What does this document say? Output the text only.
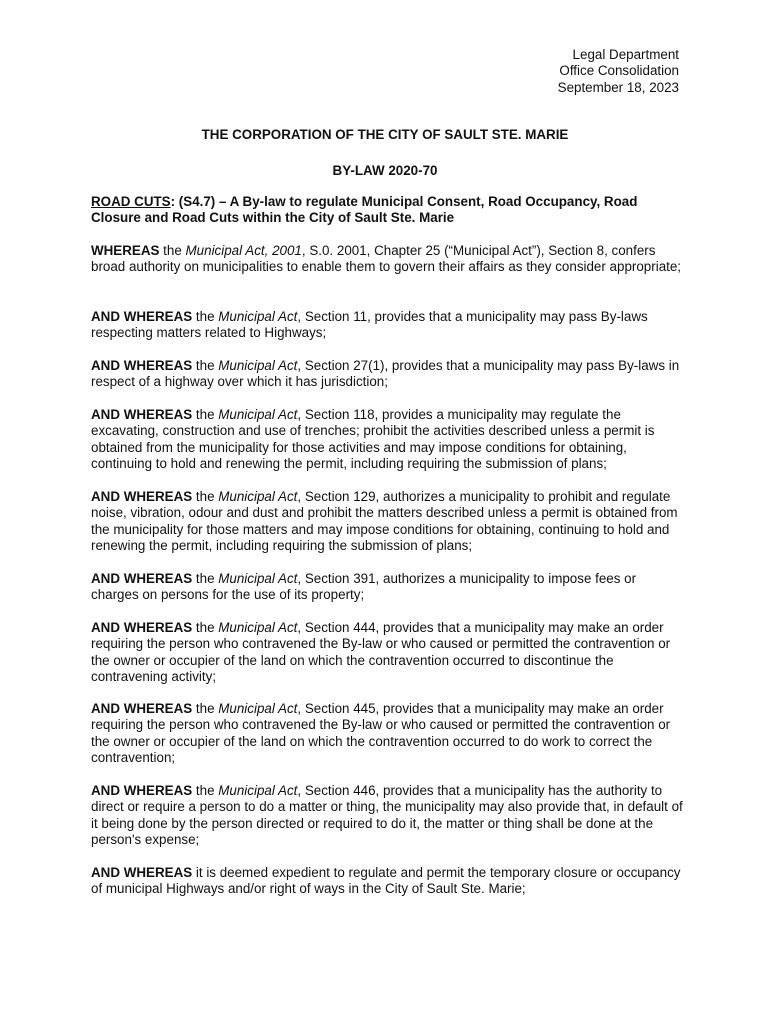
Legal Department
Office Consolidation
September 18, 2023
THE CORPORATION OF THE CITY OF SAULT STE. MARIE
BY-LAW 2020-70

ROAD CUTS: (S4.7) – A By-law to regulate Municipal Consent, Road Occupancy, Road Closure and Road Cuts within the City of Sault Ste. Marie

WHEREAS the Municipal Act, 2001, S.0. 2001, Chapter 25 (“Municipal Act”), Section 8, confers broad authority on municipalities to enable them to govern their affairs as they consider appropriate;

AND WHEREAS the Municipal Act, Section 11, provides that a municipality may pass By-laws respecting matters related to Highways;

AND WHEREAS the Municipal Act, Section 27(1), provides that a municipality may pass By-laws in respect of a highway over which it has jurisdiction;

AND WHEREAS the Municipal Act, Section 118, provides a municipality may regulate the excavating, construction and use of trenches; prohibit the activities described unless a permit is obtained from the municipality for those activities and may impose conditions for obtaining, continuing to hold and renewing the permit, including requiring the submission of plans;

AND WHEREAS the Municipal Act, Section 129, authorizes a municipality to prohibit and regulate noise, vibration, odour and dust and prohibit the matters described unless a permit is obtained from the municipality for those matters and may impose conditions for obtaining, continuing to hold and renewing the permit, including requiring the submission of plans;

AND WHEREAS the Municipal Act, Section 391, authorizes a municipality to impose fees or charges on persons for the use of its property;

AND WHEREAS the Municipal Act, Section 444, provides that a municipality may make an order requiring the person who contravened the By-law or who caused or permitted the contravention or the owner or occupier of the land on which the contravention occurred to discontinue the contravening activity;

AND WHEREAS the Municipal Act, Section 445, provides that a municipality may make an order requiring the person who contravened the By-law or who caused or permitted the contravention or the owner or occupier of the land on which the contravention occurred to do work to correct the contravention;

AND WHEREAS the Municipal Act, Section 446, provides that a municipality has the authority to direct or require a person to do a matter or thing, the municipality may also provide that, in default of it being done by the person directed or required to do it, the matter or thing shall be done at the person's expense;

AND WHEREAS it is deemed expedient to regulate and permit the temporary closure or occupancy of municipal Highways and/or right of ways in the City of Sault Ste. Marie;
